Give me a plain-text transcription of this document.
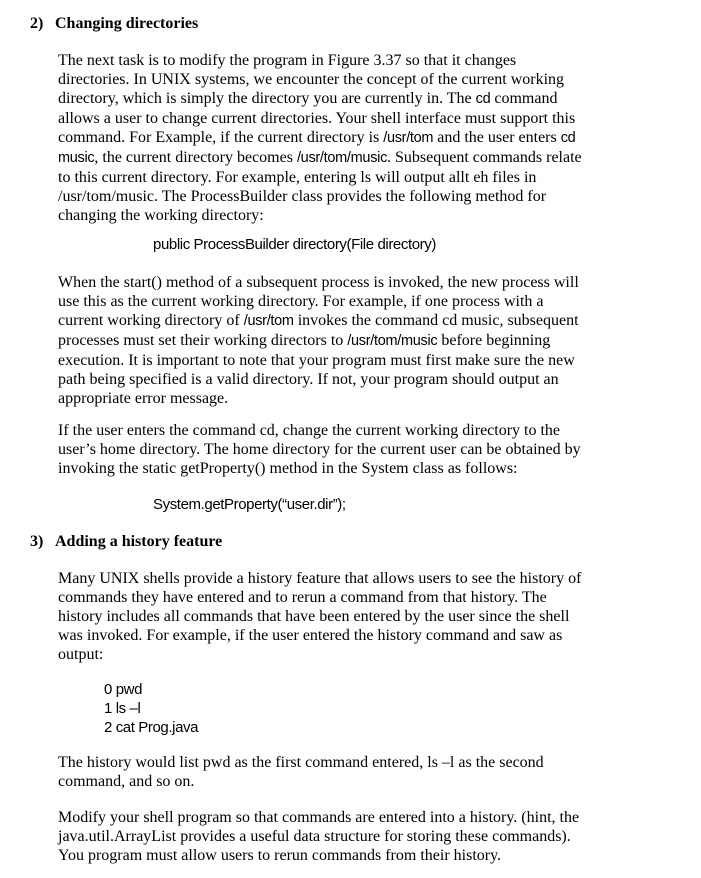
2) Changing directories
The next task is to modify the program in Figure 3.37 so that it changes
directories. In UNIX systems, we encounter the concept of the current working
directory, which is simply the directory you are currently in. The cd command
allows a user to change current directories. Your shell interface must support this
command. For Example, if the current directory is /usr/tom and the user enters cd
music, the current directory becomes /usr/tom/music. Subsequent commands relate
to this current directory. For example, entering ls will output allt eh files in
/usr/tom/music. The ProcessBuilder class provides the following method for
changing the working directory:
public ProcessBuilder directory(File directory)
When the start() method of a subsequent process is invoked, the new process will
use this as the current working directory. For example, if one process with a
current working directory of /usr/tom invokes the command cd music, subsequent
processes must set their working directors to /usr/tom/music before beginning
execution. It is important to note that your program must first make sure the new
path being specified is a valid directory. If not, your program should output an
appropriate error message.
If the user enters the command cd, change the current working directory to the
user’s home directory. The home directory for the current user can be obtained by
invoking the static getProperty() method in the System class as follows:
System.getProperty(“user.dir”);
3) Adding a history feature
Many UNIX shells provide a history feature that allows users to see the history of
commands they have entered and to rerun a command from that history. The
history includes all commands that have been entered by the user since the shell
was invoked. For example, if the user entered the history command and saw as
output:
0 pwd
1 ls –l
2 cat Prog.java
The history would list pwd as the first command entered, ls –l as the second
command, and so on.
Modify your shell program so that commands are entered into a history. (hint, the
java.util.ArrayList provides a useful data structure for storing these commands).
You program must allow users to rerun commands from their history.
